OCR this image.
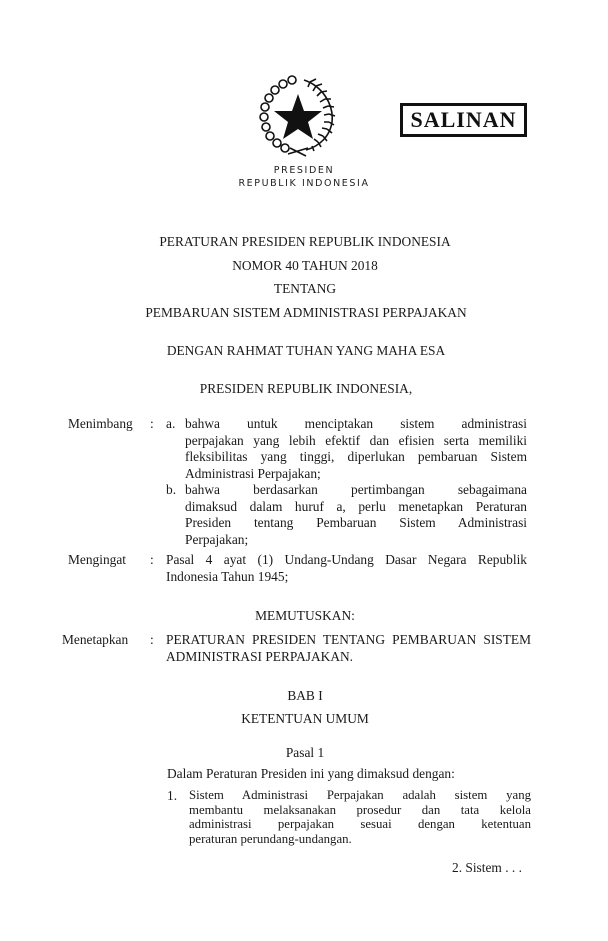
SALINAN
PRESIDEN
REPUBLIK INDONESIA
PERATURAN PRESIDEN REPUBLIK INDONESIA
NOMOR 40 TAHUN 2018
TENTANG
PEMBARUAN SISTEM ADMINISTRASI PERPAJAKAN
DENGAN RAHMAT TUHAN YANG MAHA ESA
PRESIDEN REPUBLIK INDONESIA,
Menimbang : a. bahwa untuk menciptakan sistem administrasi
perpajakan yang lebih efektif dan efisien serta memiliki
fleksibilitas yang tinggi, diperlukan pembaruan Sistem
Administrasi Perpajakan;
b. bahwa berdasarkan pertimbangan sebagaimana
dimaksud dalam huruf a, perlu menetapkan Peraturan
Presiden tentang Pembaruan Sistem Administrasi
Perpajakan;
Mengingat : Pasal 4 ayat (1) Undang-Undang Dasar Negara Republik
Indonesia Tahun 1945;
MEMUTUSKAN:
Menetapkan : PERATURAN PRESIDEN TENTANG PEMBARUAN SISTEM
ADMINISTRASI PERPAJAKAN.
BAB I
KETENTUAN UMUM
Pasal 1
Dalam Peraturan Presiden ini yang dimaksud dengan:
1. Sistem Administrasi Perpajakan adalah sistem yang
membantu melaksanakan prosedur dan tata kelola
administrasi perpajakan sesuai dengan ketentuan
peraturan perundang-undangan.
2. Sistem . . .
